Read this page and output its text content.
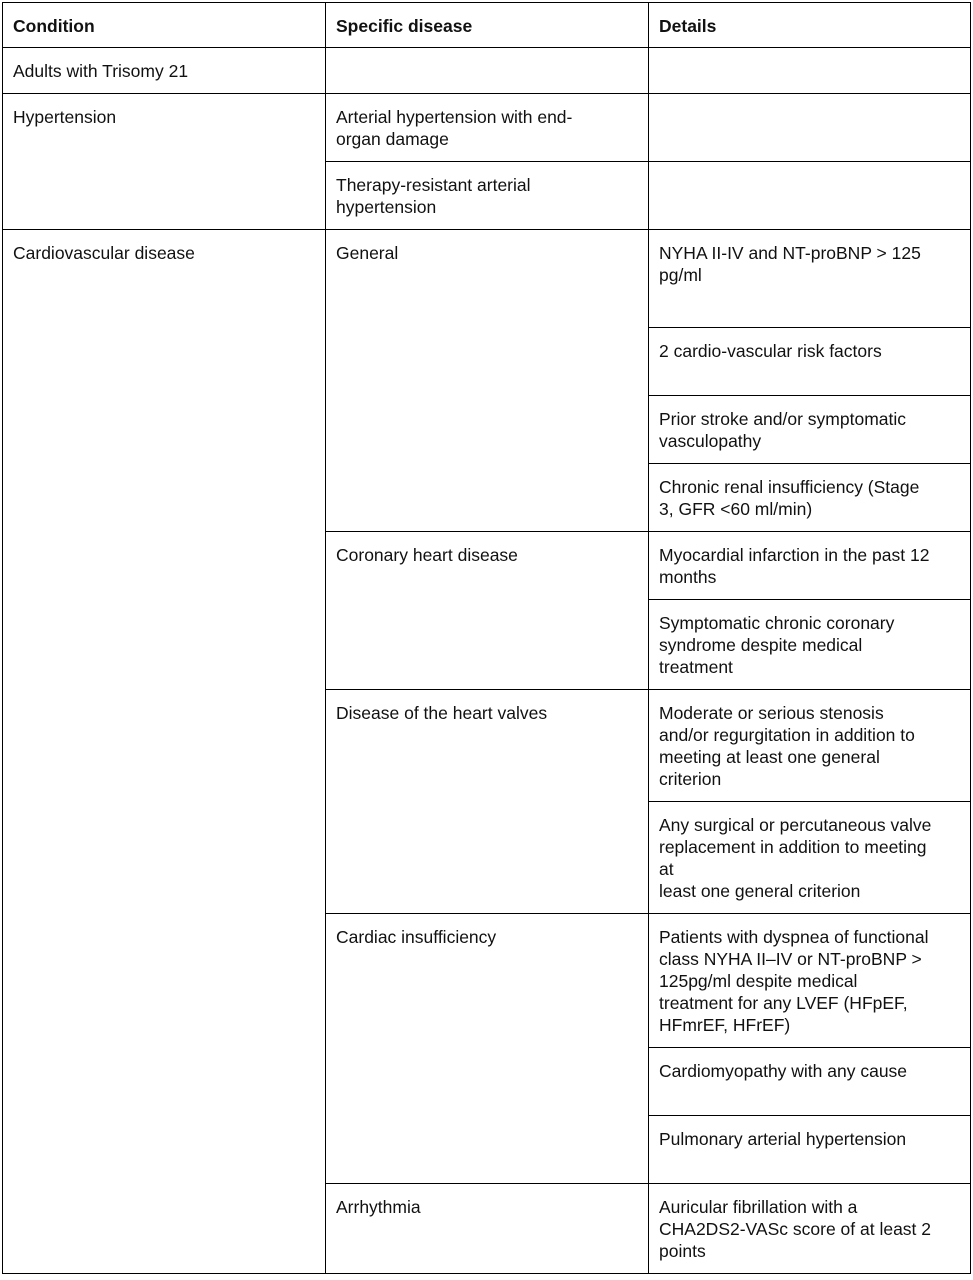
Condition	Specific disease	Details
Adults with Trisomy 21		
Hypertension	Arterial hypertension with end-
organ damage	
	Therapy-resistant arterial
hypertension	
Cardiovascular disease	General	NYHA II-IV and NT-proBNP > 125
pg/ml
		2 cardio-vascular risk factors
		Prior stroke and/or symptomatic
vasculopathy
		Chronic renal insufficiency (Stage
3, GFR <60 ml/min)
	Coronary heart disease	Myocardial infarction in the past 12
months
		Symptomatic chronic coronary
syndrome despite medical
treatment
	Disease of the heart valves	Moderate or serious stenosis
and/or regurgitation in addition to
meeting at least one general
criterion
		Any surgical or percutaneous valve
replacement in addition to meeting
at
least one general criterion
	Cardiac insufficiency	Patients with dyspnea of functional
class NYHA II–IV or NT-proBNP >
125pg/ml despite medical
treatment for any LVEF (HFpEF,
HFmrEF, HFrEF)
		Cardiomyopathy with any cause
		Pulmonary arterial hypertension
	Arrhythmia	Auricular fibrillation with a
CHA2DS2-VASc score of at least 2
points
